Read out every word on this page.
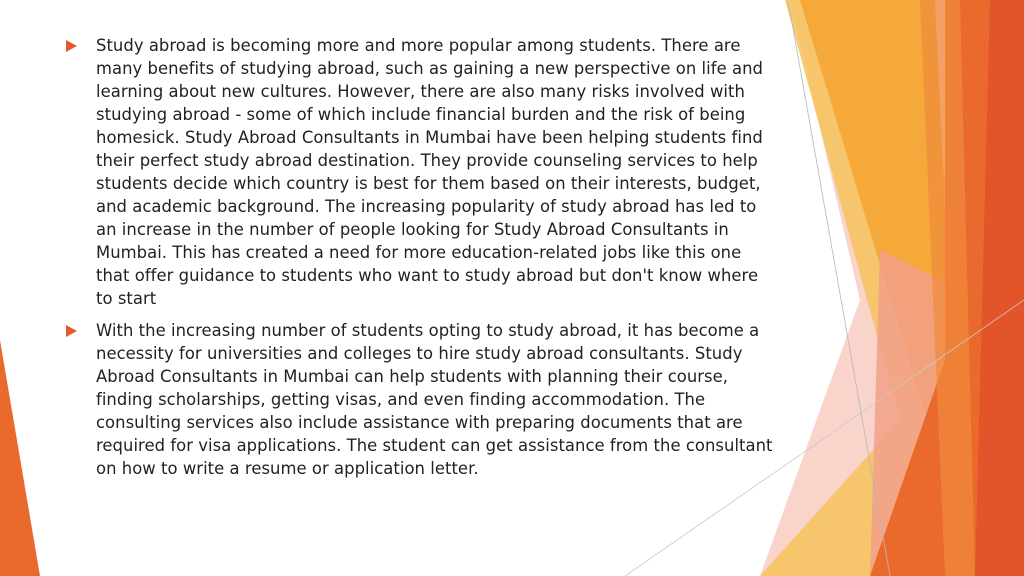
Study abroad is becoming more and more popular among students. There are many benefits of studying abroad, such as gaining a new perspective on life and learning about new cultures. However, there are also many risks involved with studying abroad - some of which include financial burden and the risk of being homesick. Study Abroad Consultants in Mumbai have been helping students find their perfect study abroad destination. They provide counseling services to help students decide which country is best for them based on their interests, budget, and academic background. The increasing popularity of study abroad has led to an increase in the number of people looking for Study Abroad Consultants in Mumbai. This has created a need for more education-related jobs like this one that offer guidance to students who want to study abroad but don't know where to start
With the increasing number of students opting to study abroad, it has become a necessity for universities and colleges to hire study abroad consultants. Study Abroad Consultants in Mumbai can help students with planning their course, finding scholarships, getting visas, and even finding accommodation. The consulting services also include assistance with preparing documents that are required for visa applications. The student can get assistance from the consultant on how to write a resume or application letter.
